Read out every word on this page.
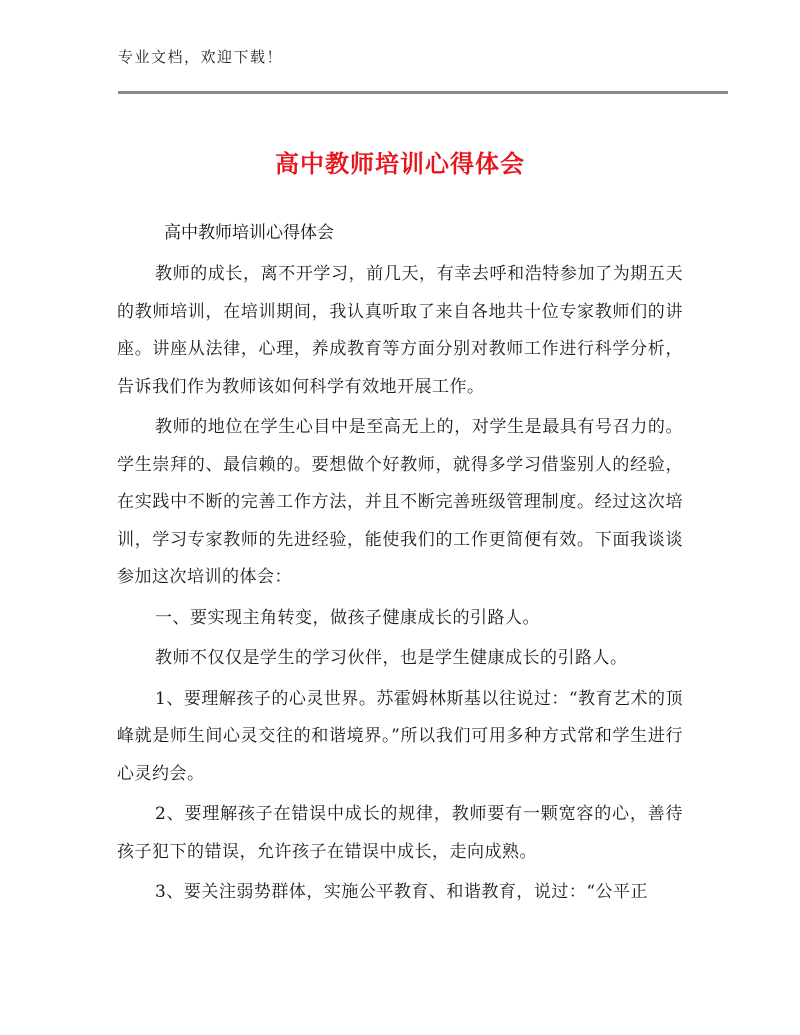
专业文档，欢迎下载！
高中教师培训心得体会
高中教师培训心得体会

教师的成长，离不开学习，前几天，有幸去呼和浩特参加了为期五天的教师培训，在培训期间，我认真听取了来自各地共十位专家教师们的讲座。讲座从法律，心理，养成教育等方面分别对教师工作进行科学分析，告诉我们作为教师该如何科学有效地开展工作。

教师的地位在学生心目中是至高无上的，对学生是最具有号召力的。学生崇拜的、最信赖的。要想做个好教师，就得多学习借鉴别人的经验，在实践中不断的完善工作方法，并且不断完善班级管理制度。经过这次培训，学习专家教师的先进经验，能使我们的工作更简便有效。下面我谈谈参加这次培训的体会：

一、要实现主角转变，做孩子健康成长的引路人。

教师不仅仅是学生的学习伙伴，也是学生健康成长的引路人。

1、要理解孩子的心灵世界。苏霍姆林斯基以往说过：“教育艺术的顶峰就是师生间心灵交往的和谐境界。”所以我们可用多种方式常和学生进行心灵约会。

2、要理解孩子在错误中成长的规律，教师要有一颗宽容的心，善待孩子犯下的错误，允许孩子在错误中成长，走向成熟。

3、要关注弱势群体，实施公平教育、和谐教育，说过：“公平正
